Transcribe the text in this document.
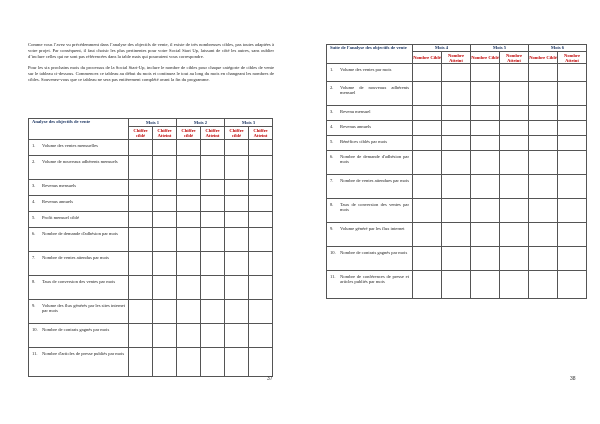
Comme vous l’avez vu précédemment dans l’analyse des objectifs de vente, il existe de très nombreuses cibles, pas toutes adaptées à votre projet. Par conséquent, il faut choisir les plus pertinentes pour votre Social Start Up, laissant de côté les autres, sans oublier d’inclure celles qui ne sont pas référencées dans la table mais qui pourraient vous correspondre.

Pour les six prochains mois du processus de la Social Start-Up, inclure le nombre de cibles pour chaque catégorie de cibles de vente sur le tableau ci-dessous. Commencez ce tableau au début du mois et continuez le tout au long du mois en changeant les nombres de cibles. Souvenez-vous que ce tableau ne sera pas entièrement complété avant la fin du programme.

Analyse des objectifs de vente	Mois 1		Mois 2		Mois 3	
	Chiffre ciblé	Chiffre Atteint	Chiffre ciblé	Chiffre Atteint	Chiffre ciblé	Chiffre Atteint

1. Volume des ventes mensuelles						

2. Volume de nouveaux adhérents mensuels						

3. Revenus mensuels						

4. Revenus annuels						

5. Profit mensuel ciblé						

6. Nombre de demande d'adhésion par mois						

7. Nombre de ventes attendus par mois						

8. Taux de conversion des ventes par mois						

9. Volume des flux générés par les sites internet par mois						

10. Nombre de contrats gagnés par mois						

11. Nombre d'articles de presse publiés par mois						

37
Suite de l’analyse des objectifs de vente	Mois 4		Mois 5		Mois 6	
	Nombre Ciblé	Nombre Atteint	Nombre Ciblé	Nombre Atteint	Nombre Ciblé	Nombre Atteint

1. Volume des ventes par mois						

2. Volume de nouveaux adhérents mensuel						

3. Revenu mensuel						

4. Revenus annuels						

5. Bénéfices ciblés par mois						

6. Nombre de demande d'adhésion par mois						

7. Nombre de ventes attendues par mois						

8. Taux de conversion des ventes par mois						

9. Volume généré par les flux internet						

10. Nombre de contrats gagnés par mois						

11. Nombre de conférences de presse et articles publiés par mois						

38
